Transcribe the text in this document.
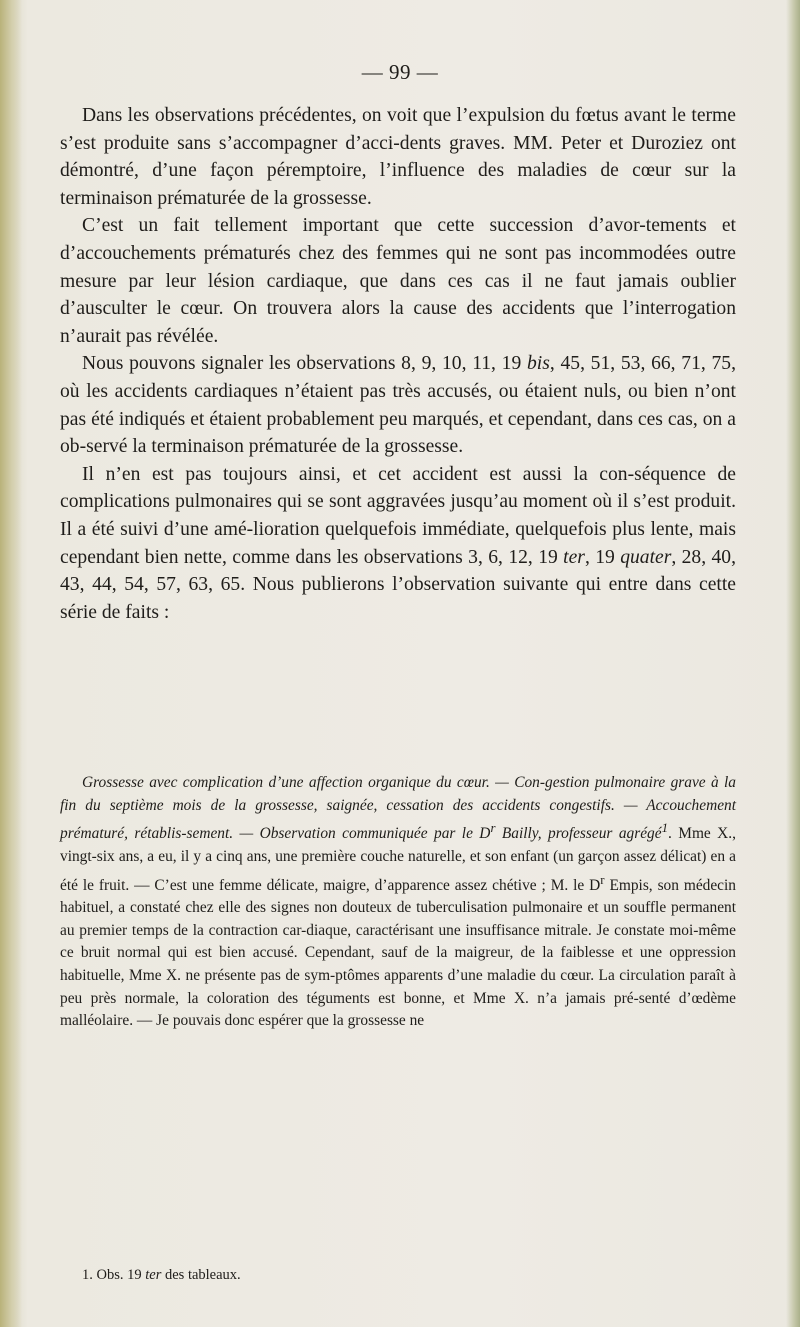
— 99 —

Dans les observations précédentes, on voit que l’expulsion du fœtus avant le terme s’est produite sans s’accompagner d’acci-dents graves. MM. Peter et Duroziez ont démontré, d’une façon péremptoire, l’influence des maladies de cœur sur la terminaison prématurée de la grossesse.

C’est un fait tellement important que cette succession d’avor-tements et d’accouchements prématurés chez des femmes qui ne sont pas incommodées outre mesure par leur lésion cardiaque, que dans ces cas il ne faut jamais oublier d’ausculter le cœur. On trouvera alors la cause des accidents que l’interrogation n’aurait pas révélée.

Nous pouvons signaler les observations 8, 9, 10, 11, 19 bis, 45, 51, 53, 66, 71, 75, où les accidents cardiaques n’étaient pas très accusés, ou étaient nuls, ou bien n’ont pas été indiqués et étaient probablement peu marqués, et cependant, dans ces cas, on a ob-servé la terminaison prématurée de la grossesse.

Il n’en est pas toujours ainsi, et cet accident est aussi la con-séquence de complications pulmonaires qui se sont aggravées jusqu’au moment où il s’est produit. Il a été suivi d’une amé-lioration quelquefois immédiate, quelquefois plus lente, mais cependant bien nette, comme dans les observations 3, 6, 12, 19 ter, 19 quater, 28, 40, 43, 44, 54, 57, 63, 65. Nous publierons l’observation suivante qui entre dans cette série de faits :

Grossesse avec complication d’une affection organique du cœur. — Con-gestion pulmonaire grave à la fin du septième mois de la grossesse, saignée, cessation des accidents congestifs. — Accouchement prématuré, rétablis-sement. — Observation communiquée par le $D^r$ Bailly, professeur agrégé$^1$. Mme X., vingt-six ans, a eu, il y a cinq ans, une première couche naturelle, et son enfant (un garçon assez délicat) en a été le fruit. — C’est une femme délicate, maigre, d’apparence assez chétive ; M. le $D^r$ Empis, son médecin habituel, a constaté chez elle des signes non douteux de tuberculisation pulmonaire et un souffle permanent au premier temps de la contraction car-diaque, caractérisant une insuffisance mitrale. Je constate moi-même ce bruit normal qui est bien accusé. Cependant, sauf de la maigreur, de la faiblesse et une oppression habituelle, Mme X. ne présente pas de sym-ptômes apparents d’une maladie du cœur. La circulation paraît à peu près normale, la coloration des téguments est bonne, et Mme X. n’a jamais pré-senté d’œdème malléolaire. — Je pouvais donc espérer que la grossesse ne

1. Obs. 19 ter des tableaux.
